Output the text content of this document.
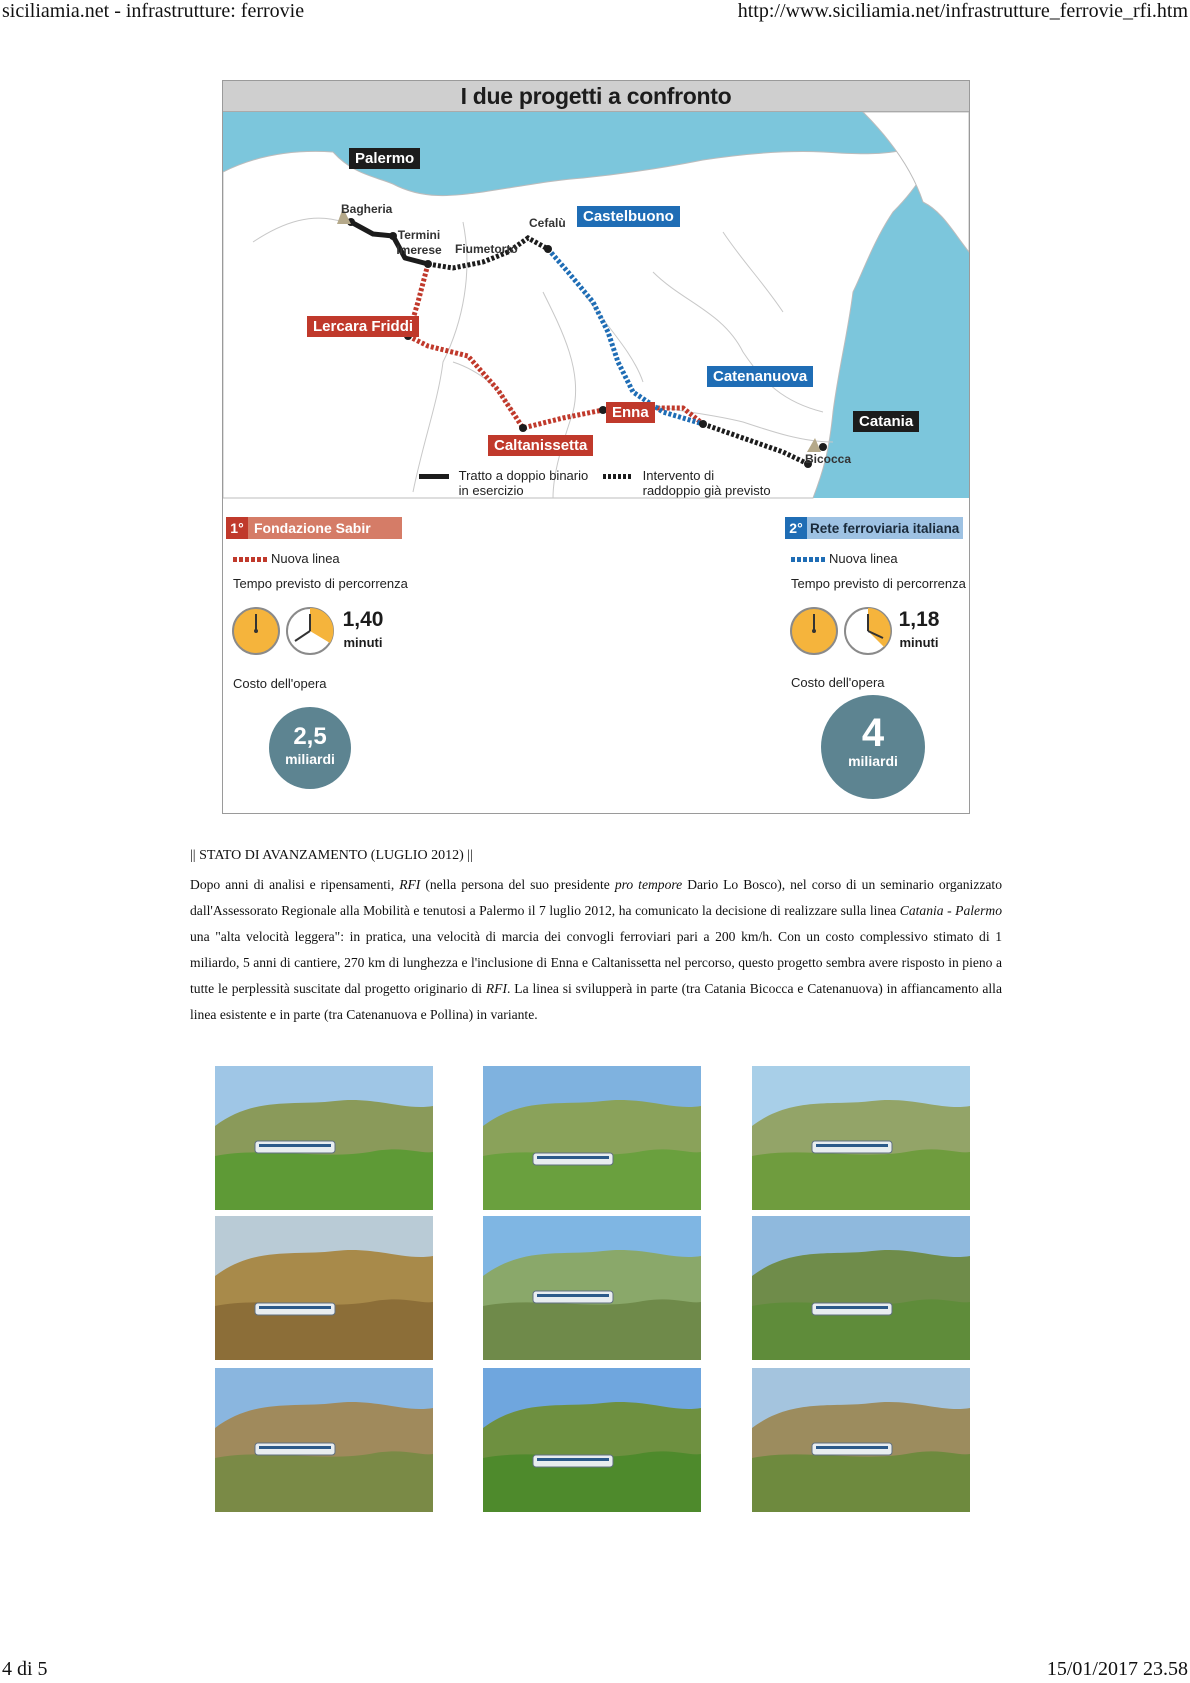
siciliamia.net - infrastrutture: ferrovie	http://www.siciliamia.net/infrastrutture_ferrovie_rfi.htm
I due progetti a confronto
Palermo
Bagheria
Termini Imerese	Fiumetorto
Cefalù	Castelbuono
Lercara Friddi
Catenanuova
Enna
Caltanissetta
Catania
Bicocca
Tratto a doppio binario in esercizio
Intervento di raddoppio già previsto
1° Fondazione Sabir
Nuova linea
Tempo previsto di percorrenza
1,40
minuti
Costo dell'opera
2,5
miliardi
2° Rete ferroviaria italiana
Nuova linea
Tempo previsto di percorrenza
1,18
minuti
Costo dell'opera
4
miliardi
|| STATO DI AVANZAMENTO (LUGLIO 2012) ||
Dopo anni di analisi e ripensamenti, RFI (nella persona del suo presidente pro tempore Dario Lo Bosco), nel corso di un seminario organizzato dall'Assessorato Regionale alla Mobilità e tenutosi a Palermo il 7 luglio 2012, ha comunicato la decisione di realizzare sulla linea Catania - Palermo una "alta velocità leggera": in pratica, una velocità di marcia dei convogli ferroviari pari a 200 km/h. Con un costo complessivo stimato di 1 miliardo, 5 anni di cantiere, 270 km di lunghezza e l'inclusione di Enna e Caltanissetta nel percorso, questo progetto sembra avere risposto in pieno a tutte le perplessità suscitate dal progetto originario di RFI. La linea si svilupperà in parte (tra Catania Bicocca e Catenanuova) in affiancamento alla linea esistente e in parte (tra Catenanuova e Pollina) in variante.
4 di 5	15/01/2017 23.58
